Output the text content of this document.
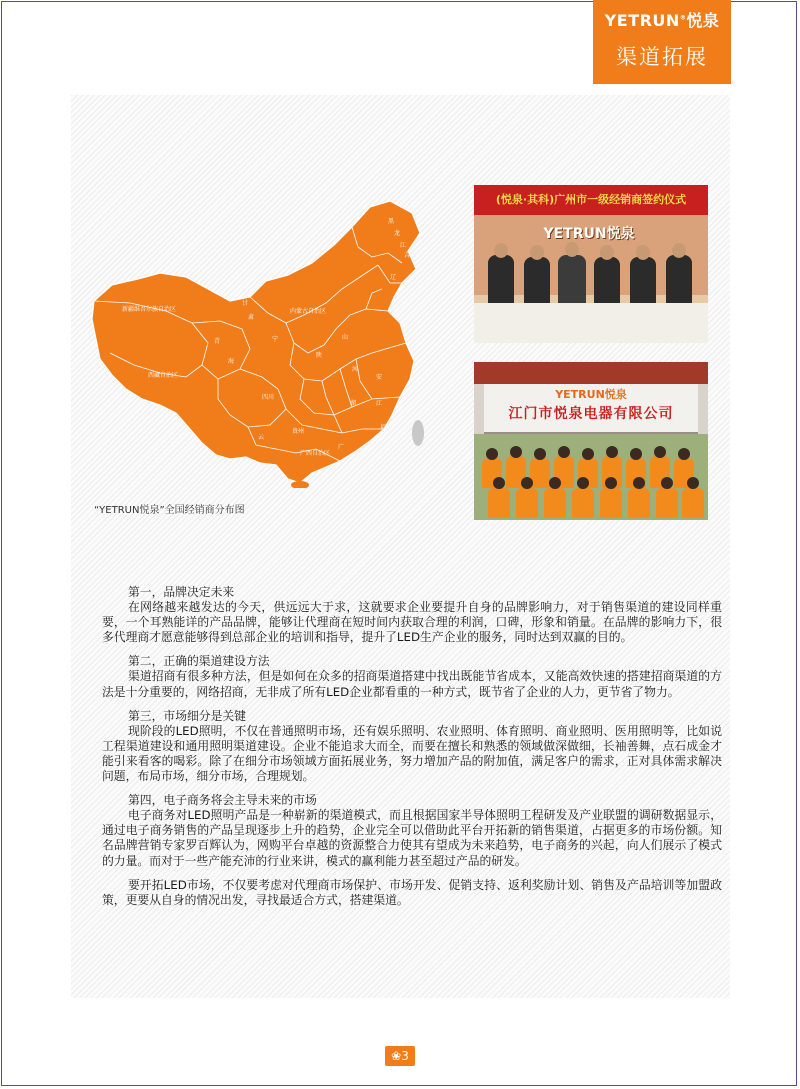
YETRUN®悦泉
渠道拓展
新疆维吾尔族自治区
西藏自治区
青
海
甘
肃
四川
内蒙古自治区
宁
吉
黑
龙
江
辽
陕
山
河
湖
安
江
浙
云
贵州
广
福
广西自治区
“YETRUN悦泉”全国经销商分布图
(悦泉·其科)广州市一级经销商签约仪式
YETRUN悦泉
YETRUN悦泉
江门市悦泉电器有限公司

第一，品牌决定未来
在网络越来越发达的今天，供远远大于求，这就要求企业要提升自身的品牌影响力，对于销售渠道的建设同样重要，一个耳熟能详的产品品牌，能够让代理商在短时间内获取合理的利润，口碑，形象和销量。在品牌的影响力下，很多代理商才愿意能够得到总部企业的培训和指导，提升了LED生产企业的服务，同时达到双赢的目的。

第二，正确的渠道建设方法
渠道招商有很多种方法，但是如何在众多的招商渠道搭建中找出既能节省成本，又能高效快速的搭建招商渠道的方法是十分重要的，网络招商，无非成了所有LED企业都看重的一种方式，既节省了企业的人力，更节省了物力。

第三，市场细分是关键
现阶段的LED照明，不仅在普通照明市场，还有娱乐照明、农业照明、体育照明、商业照明、医用照明等，比如说工程渠道建设和通用照明渠道建设。企业不能追求大而全，而要在擅长和熟悉的领域做深做细，长袖善舞，点石成金才能引来看客的喝彩。除了在细分市场领域方面拓展业务，努力增加产品的附加值，满足客户的需求，正对具体需求解决问题，布局市场，细分市场，合理规划。

第四，电子商务将会主导未来的市场
电子商务对LED照明产品是一种崭新的渠道模式，而且根据国家半导体照明工程研发及产业联盟的调研数据显示，通过电子商务销售的产品呈现逐步上升的趋势，企业完全可以借助此平台开拓新的销售渠道，占据更多的市场份额。知名品牌营销专家罗百辉认为，网购平台卓越的资源整合力使其有望成为未来趋势，电子商务的兴起，向人们展示了模式的力量。而对于一些产能充沛的行业来讲，模式的赢利能力甚至超过产品的研发。

要开拓LED市场，不仅要考虑对代理商市场保护、市场开发、促销支持、返利奖励计划、销售及产品培训等加盟政策，更要从自身的情况出发，寻找最适合方式，搭建渠道。

❀3
